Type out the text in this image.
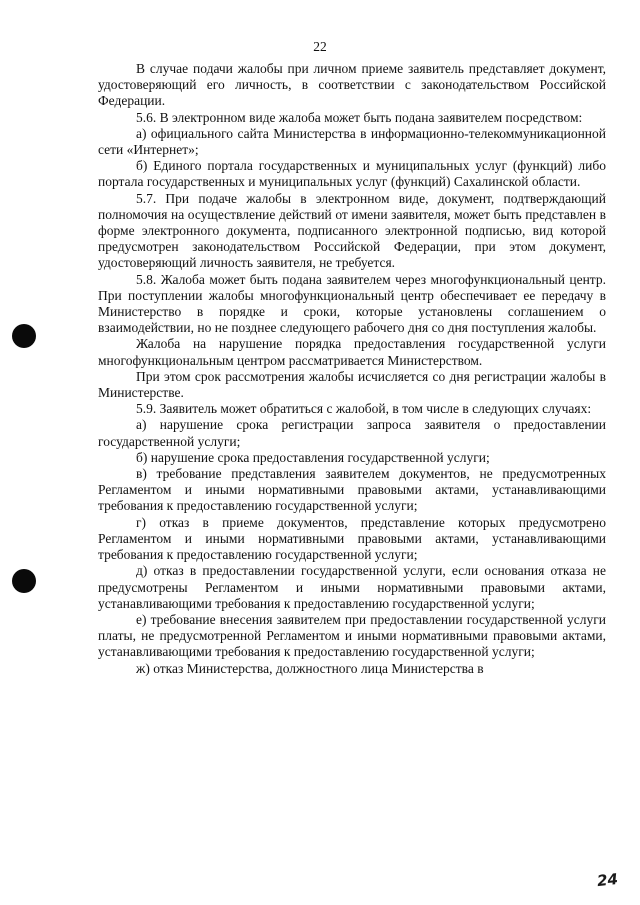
22

В случае подачи жалобы при личном приеме заявитель представляет документ, удостоверяющий его личность, в соответствии с законодательством Российской Федерации.

5.6. В электронном виде жалоба может быть подана заявителем посредством:

а) официального сайта Министерства в информационно-телекоммуникационной сети «Интернет»;

б) Единого портала государственных и муниципальных услуг (функций) либо портала государственных и муниципальных услуг (функций) Сахалинской области.

5.7. При подаче жалобы в электронном виде, документ, подтверждающий полномочия на осуществление действий от имени заявителя, может быть представлен в форме электронного документа, подписанного электронной подписью, вид которой предусмотрен законодательством Российской Федерации, при этом документ, удостоверяющий личность заявителя, не требуется.

5.8. Жалоба может быть подана заявителем через многофункциональный центр. При поступлении жалобы многофункциональный центр обеспечивает ее передачу в Министерство в порядке и сроки, которые установлены соглашением о взаимодействии, но не позднее следующего рабочего дня со дня поступления жалобы.

Жалоба на нарушение порядка предоставления государственной услуги многофункциональным центром рассматривается Министерством.

При этом срок рассмотрения жалобы исчисляется со дня регистрации жалобы в Министерстве.

5.9. Заявитель может обратиться с жалобой, в том числе в следующих случаях:

а) нарушение срока регистрации запроса заявителя о предоставлении государственной услуги;

б) нарушение срока предоставления государственной услуги;

в) требование представления заявителем документов, не предусмотренных Регламентом и иными нормативными правовыми актами, устанавливающими требования к предоставлению государственной услуги;

г) отказ в приеме документов, представление которых предусмотрено Регламентом и иными нормативными правовыми актами, устанавливающими требования к предоставлению государственной услуги;

д) отказ в предоставлении государственной услуги, если основания отказа не предусмотрены Регламентом и иными нормативными правовыми актами, устанавливающими требования к предоставлению государственной услуги;

е) требование внесения заявителем при предоставлении государственной услуги платы, не предусмотренной Регламентом и иными нормативными правовыми актами, устанавливающими требования к предоставлению государственной услуги;

ж) отказ Министерства, должностного лица Министерства в

24
